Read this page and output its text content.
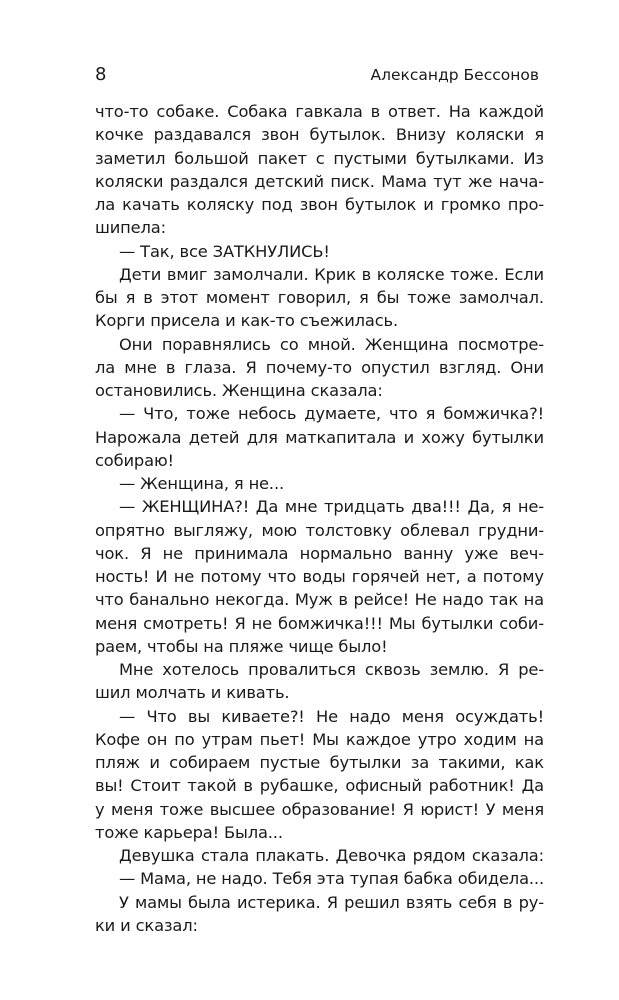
8	Александр Бессонов
что-то собаке. Собака гавкала в ответ. На каждой
кочке раздавался звон бутылок. Внизу коляски я
заметил большой пакет с пустыми бутылками. Из
коляски раздался детский писк. Мама тут же нача-
ла качать коляску под звон бутылок и громко про-
шипела:
— Так, все ЗАТКНУЛИСЬ!
Дети вмиг замолчали. Крик в коляске тоже. Если
бы я в этот момент говорил, я бы тоже замолчал.
Корги присела и как-то съежилась.
Они поравнялись со мной. Женщина посмотре-
ла мне в глаза. Я почему-то опустил взгляд. Они
остановились. Женщина сказала:
— Что, тоже небось думаете, что я бомжичка?!
Нарожала детей для маткапитала и хожу бутылки
собираю!
— Женщина, я не...
— ЖЕНЩИНА?! Да мне тридцать два!!! Да, я не-
опрятно выгляжу, мою толстовку облевал грудни-
чок. Я не принимала нормально ванну уже веч-
ность! И не потому что воды горячей нет, а потому
что банально некогда. Муж в рейсе! Не надо так на
меня смотреть! Я не бомжичка!!! Мы бутылки соби-
раем, чтобы на пляже чище было!
Мне хотелось провалиться сквозь землю. Я ре-
шил молчать и кивать.
— Что вы киваете?! Не надо меня осуждать!
Кофе он по утрам пьет! Мы каждое утро ходим на
пляж и собираем пустые бутылки за такими, как
вы! Стоит такой в рубашке, офисный работник! Да
у меня тоже высшее образование! Я юрист! У меня
тоже карьера! Была...
Девушка стала плакать. Девочка рядом сказала:
— Мама, не надо. Тебя эта тупая бабка обидела...
У мамы была истерика. Я решил взять себя в ру-
ки и сказал:
